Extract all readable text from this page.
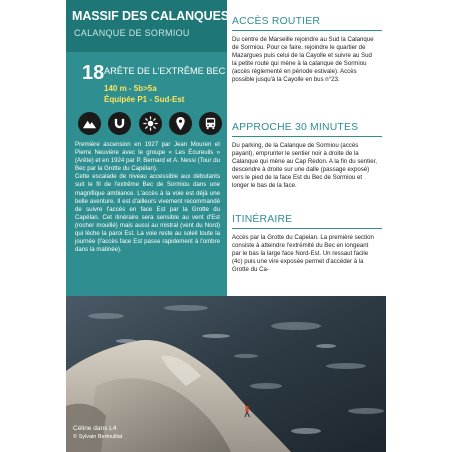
MASSIF DES CALANQUES
CALANQUE DE SORMIOU
18 ARÊTE DE L'EXTRÊME BEC
140 m - 5b>5a
Équipée P1 - Sud-Est

Première ascension en 1927 par Jean Mouren et Pierre Neuvière avec le groupe « Les Écureuils » (Arête) et en 1924 par P. Bernard et A. Nessi (Tour du Bec par la Grotte du Capélan).

Cette escalade de niveau accessible aux débutants suit le fil de l'extrême Bec de Sormiou dans une magnifique ambiance. L'accès à la voie est déjà une belle aventure. Il est d'ailleurs vivement recommandé de suivre l'accès en face Est par la Grotte du Capélan. Cet itinéraire sera sensible au vent d'Est (rocher mouillé) mais aussi au mistral (vent du Nord) qui lèche la paroi Est. La voie reste au soleil toute la journée (l'accès face Est passe rapidement à l'ombre dans la matinée).

ACCÈS ROUTIER
Du centre de Marseille rejoindre au Sud la Calanque de Sormiou. Pour ce faire, rejoindre le quartier de Mazargues puis celui de la Cayolle et suivre au Sud la petite route qui mène à la calanque de Sormiou (accès réglementé en période estivale). Accès possible jusqu'à la Cayolle en bus n°23.
APPROCHE 30 MINUTES
Du parking, de la Calanque de Sormiou (accès payant), emprunter le sentier noir à droite de la Calanque qui mène au Cap Redon. A la fin du sentier, descendre à droite sur une dalle (passage exposé) vers le pied de la face Est du Bec de Sormiou et longer le bas de la face.
ITINÉRAIRE
Accès par la Grotte du Capelan. La première section consiste à atteindre l'extrémité du Bec en longeant par le bas la large face Nord-Est. Un ressaut facile (4c) puis une vire exposée permet d'accéder à la Grotte du Ca-
Céline dans L4
© Sylvain Bertouillat
